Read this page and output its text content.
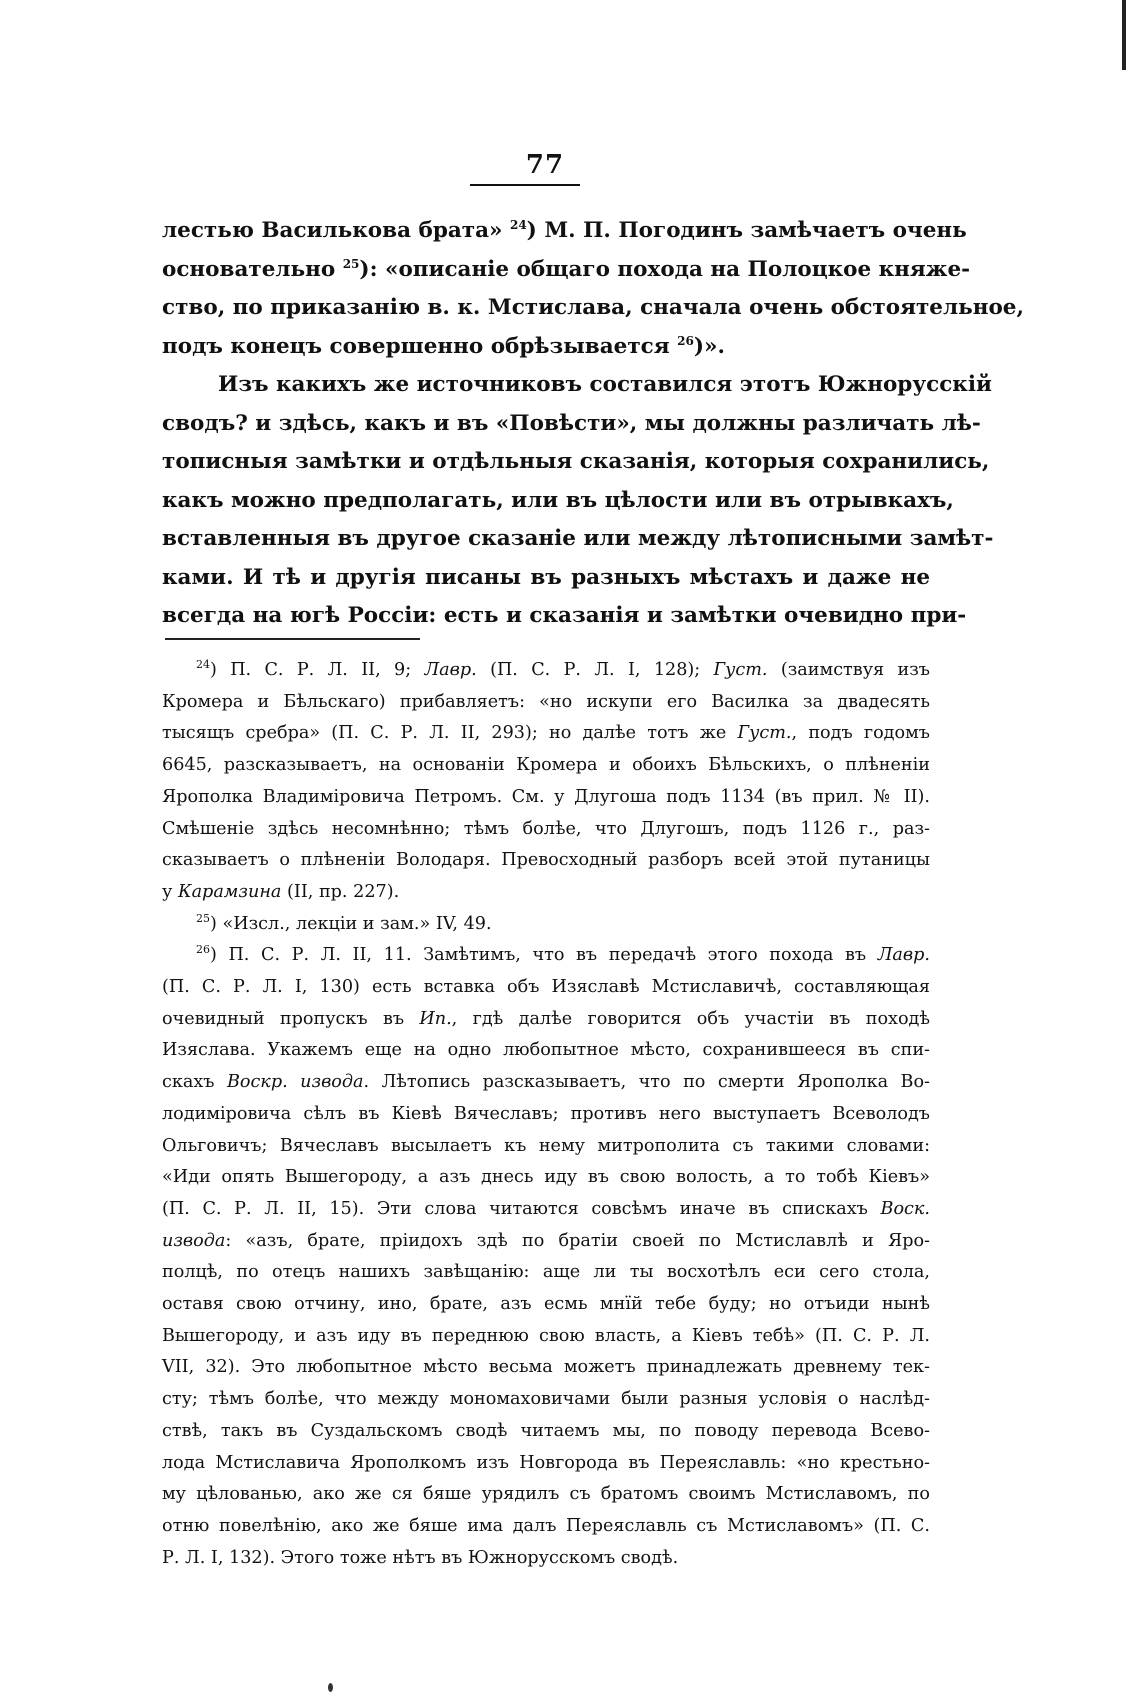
77

лестью Василькова брата» $^{24}$) М. П. Погодинъ замѣчаетъ очень
основательно $^{25}$): «описаніе общаго похода на Полоцкое княже-
ство, по приказанію в. к. Мстислава, сначала очень обстоятельное,
подъ конецъ совершенно обрѣзывается $^{26}$)».

Изъ какихъ же источниковъ составился этотъ Южнорусскій
сводъ? и здѣсь, какъ и въ «Повѣсти», мы должны различать лѣ-
тописныя замѣтки и отдѣльныя сказанія, которыя сохранились,
какъ можно предполагать, или въ цѣлости или въ отрывкахъ,
вставленныя въ другое сказаніе или между лѣтописными замѣт-
ками. И тѣ и другія писаны въ разныхъ мѣстахъ и даже не
всегда на югѣ Россіи: есть и сказанія и замѣтки очевидно при-

$^{24}$) П. С. Р. Л. II, 9; Лавр. (П. С. Р. Л. I, 128); Густ. (заимствуя изъ
Кромера и Бѣльскаго) прибавляетъ: «но искупи его Василка за двадесять
тысящъ сребра» (П. С. Р. Л. II, 293); но далѣе тотъ же Густ., подъ годомъ
6645, разсказываетъ, на основаніи Кромера и обоихъ Бѣльскихъ, о плѣненіи
Ярополка Владиміровича Петромъ. См. у Длугоша подъ 1134 (въ прил. № II).
Смѣшеніе здѣсь несомнѣнно; тѣмъ болѣе, что Длугошъ, подъ 1126 г., раз-
сказываетъ о плѣненіи Володаря. Превосходный разборъ всей этой путаницы
у Карамзина (II, пр. 227).

$^{25}$) «Изсл., лекціи и зам.» IV, 49.

$^{26}$) П. С. Р. Л. II, 11. Замѣтимъ, что въ передачѣ этого похода въ Лавр.
(П. С. Р. Л. I, 130) есть вставка объ Изяславѣ Мстиславичѣ, составляющая
очевидный пропускъ въ Ип., гдѣ далѣе говорится объ участіи въ походѣ
Изяслава. Укажемъ еще на одно любопытное мѣсто, сохранившееся въ спи-
скахъ Воскр. извода. Лѣтопись разсказываетъ, что по смерти Ярополка Во-
лодиміровича сѣлъ въ Кіевѣ Вячеславъ; противъ него выступаетъ Всеволодъ
Ольговичъ; Вячеславъ высылаетъ къ нему митрополита съ такими словами:
«Иди опять Вышегороду, а азъ днесь иду въ свою волость, а то тобѣ Кіевъ»
(П. С. Р. Л. II, 15). Эти слова читаются совсѣмъ иначе въ спискахъ Воск.
извода: «азъ, брате, пріидохъ здѣ по братіи своей по Мстиславлѣ и Яро-
полцѣ, по отецъ нашихъ завѣщанію: аще ли ты восхотѣлъ еси сего стола,
оставя свою отчину, ино, брате, азъ есмь мнїй тебе буду; но отъиди нынѣ
Вышегороду, и азъ иду въ переднюю свою власть, а Кіевъ тебѣ» (П. С. Р. Л.
VII, 32). Это любопытное мѣсто весьма можетъ принадлежать древнему тек-
сту; тѣмъ болѣе, что между мономаховичами были разныя условія о наслѣд-
ствѣ, такъ въ Суздальскомъ сводѣ читаемъ мы, по поводу перевода Всево-
лода Мстиславича Ярополкомъ изъ Новгорода въ Переяславль: «но крестьно-
му цѣлованью, ако же ся бяше урядилъ съ братомъ своимъ Мстиславомъ, по
отню повелѣнію, ако же бяше има далъ Переяславль съ Мстиславомъ» (П. С.
Р. Л. I, 132). Этого тоже нѣтъ въ Южнорусскомъ сводѣ.
